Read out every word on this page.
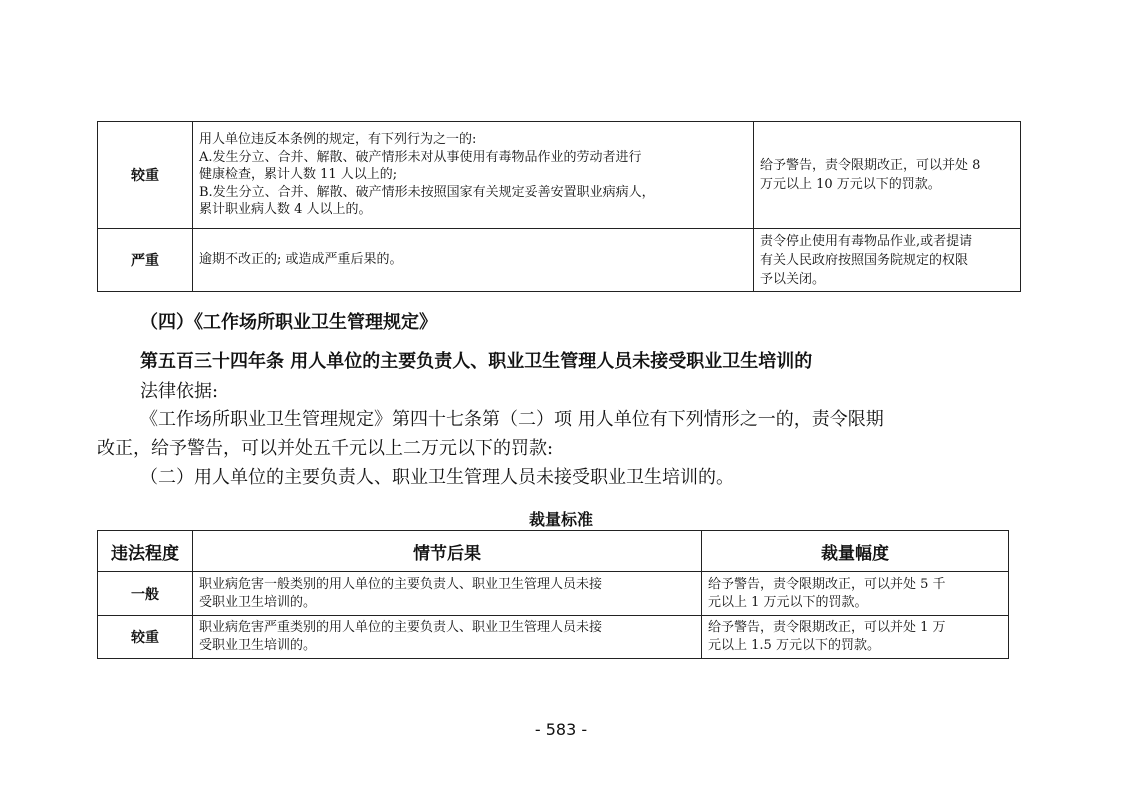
较重	用人单位违反本条例的规定，有下列行为之一的:
A.发生分立、合并、解散、破产情形未对从事使用有毒物品作业的劳动者进行
健康检查，累计人数 11 人以上的;
B.发生分立、合并、解散、破产情形未按照国家有关规定妥善安置职业病病人，
累计职业病人数 4 人以上的。	给予警告，责令限期改正，可以并处 8
万元以上 10 万元以下的罚款。

严重	逾期不改正的; 或造成严重后果的。	责令停止使用有毒物品作业,或者提请
有关人民政府按照国务院规定的权限
予以关闭。
（四）《工作场所职业卫生管理规定》
第五百三十四年条 用人单位的主要负责人、职业卫生管理人员未接受职业卫生培训的
法律依据:
《工作场所职业卫生管理规定》第四十七条第（二）项 用人单位有下列情形之一的，责令限期
改正，给予警告，可以并处五千元以上二万元以下的罚款:
（二）用人单位的主要负责人、职业卫生管理人员未接受职业卫生培训的。
裁量标准
违法程度	情节后果	裁量幅度
一般	职业病危害一般类别的用人单位的主要负责人、职业卫生管理人员未接
受职业卫生培训的。	给予警告，责令限期改正，可以并处 5 千
元以上 1 万元以下的罚款。

较重	职业病危害严重类别的用人单位的主要负责人、职业卫生管理人员未接
受职业卫生培训的。	给予警告，责令限期改正，可以并处 1 万
元以上 1.5 万元以下的罚款。
- 583 -
